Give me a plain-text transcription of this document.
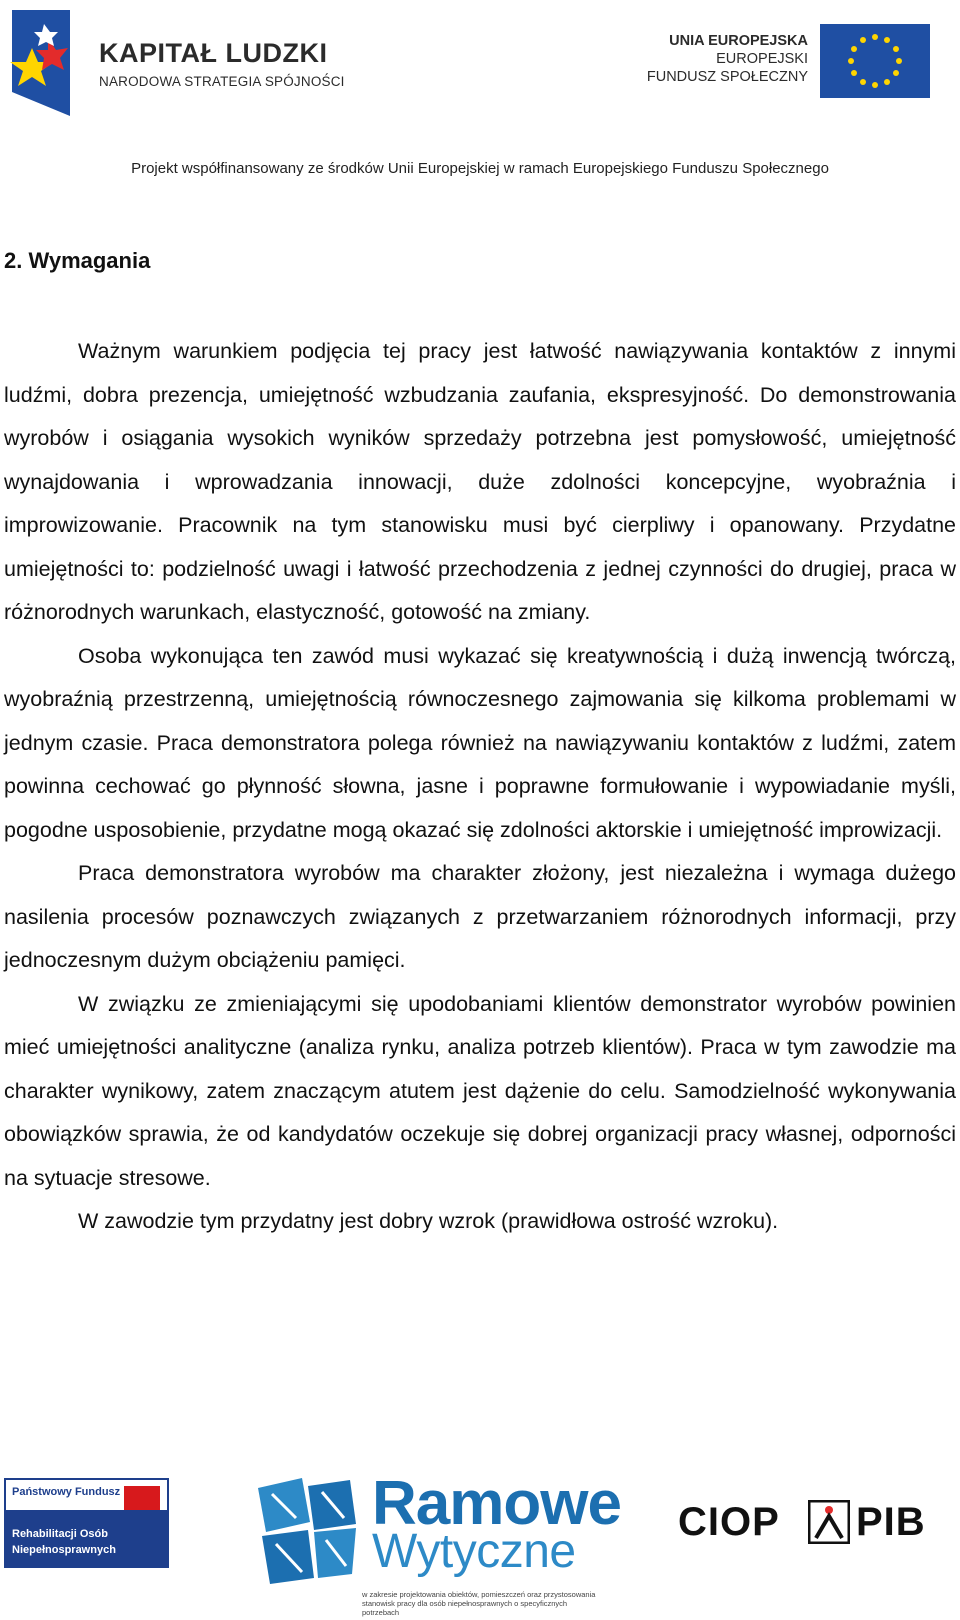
KAPITAŁ LUDZKI
NARODOWA STRATEGIA SPÓJNOŚCI
UNIA EUROPEJSKA
EUROPEJSKI
FUNDUSZ SPOŁECZNY
Projekt współfinansowany ze środków Unii Europejskiej w ramach Europejskiego Funduszu Społecznego
2. Wymagania

Ważnym warunkiem podjęcia tej pracy jest łatwość nawiązywania kontaktów z innymi ludźmi, dobra prezencja, umiejętność wzbudzania zaufania, ekspresyjność. Do demonstrowania wyrobów i osiągania wysokich wyników sprzedaży potrzebna jest pomysłowość, umiejętność wynajdowania i wprowadzania innowacji, duże zdolności koncepcyjne, wyobraźnia i improwizowanie. Pracownik na tym stanowisku musi być cierpliwy i opanowany. Przydatne umiejętności to: podzielność uwagi i łatwość przechodzenia z jednej czynności do drugiej, praca w różnorodnych warunkach, elastyczność, gotowość na zmiany.

Osoba wykonująca ten zawód musi wykazać się kreatywnością i dużą inwencją twórczą, wyobraźnią przestrzenną, umiejętnością równoczesnego zajmowania się kilkoma problemami w jednym czasie. Praca demonstratora polega również na nawiązywaniu kontaktów z ludźmi, zatem powinna cechować go płynność słowna, jasne i poprawne formułowanie i wypowiadanie myśli, pogodne usposobienie, przydatne mogą okazać się zdolności aktorskie i umiejętność improwizacji.

Praca demonstratora wyrobów ma charakter złożony, jest niezależna i wymaga dużego nasilenia procesów poznawczych związanych z przetwarzaniem różnorodnych informacji, przy jednoczesnym dużym obciążeniu pamięci.

W związku ze zmieniającymi się upodobaniami klientów demonstrator wyrobów powinien mieć umiejętności analityczne (analiza rynku, analiza potrzeb klientów). Praca w tym zawodzie ma charakter wynikowy, zatem znaczącym atutem jest dążenie do celu. Samodzielność wykonywania obowiązków sprawia, że od kandydatów oczekuje się dobrej organizacji pracy własnej, odporności na sytuacje stresowe.

W zawodzie tym przydatny jest dobry wzrok (prawidłowa ostrość wzroku).

Państwowy Fundusz
Rehabilitacji Osób
Niepełnosprawnych
Ramowe
Wytyczne
w zakresie projektowania obiektów, pomieszczeń oraz przystosowania stanowisk pracy dla osób niepełnosprawnych o specyficznych potrzebach
CIOP PIB
